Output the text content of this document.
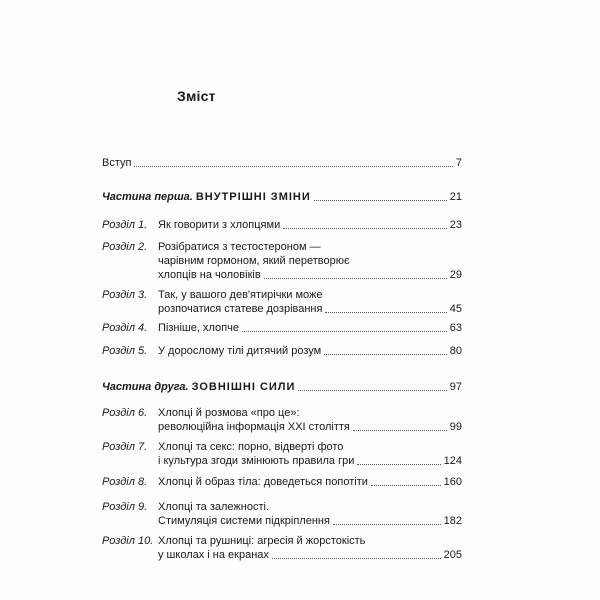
Зміст
Вступ	7
Частина перша. ВНУТРІШНІ ЗМІНИ	21
Розділ 1. Як говорити з хлопцями	23
Розділ 2. Розібратися з тестостероном —
чарівним гормоном, який перетворює
хлопців на чоловіків	29
Розділ 3. Так, у вашого дев'ятирічки може
розпочатися статеве дозрівання	45
Розділ 4. Пізніше, хлопче	63
Розділ 5. У дорослому тілі дитячий розум	80
Частина друга. ЗОВНІШНІ СИЛИ	97
Розділ 6. Хлопці й розмова «про це»:
революційна інформація XXI століття	99
Розділ 7. Хлопці та секс: порно, відверті фото
і культура згоди змінюють правила гри	124
Розділ 8. Хлопці й образ тіла: доведеться попотіти	160
Розділ 9. Хлопці та залежності.
Стимуляція системи підкріплення	182
Розділ 10. Хлопці та рушниці: агресія й жорстокість
у школах і на екранах	205
